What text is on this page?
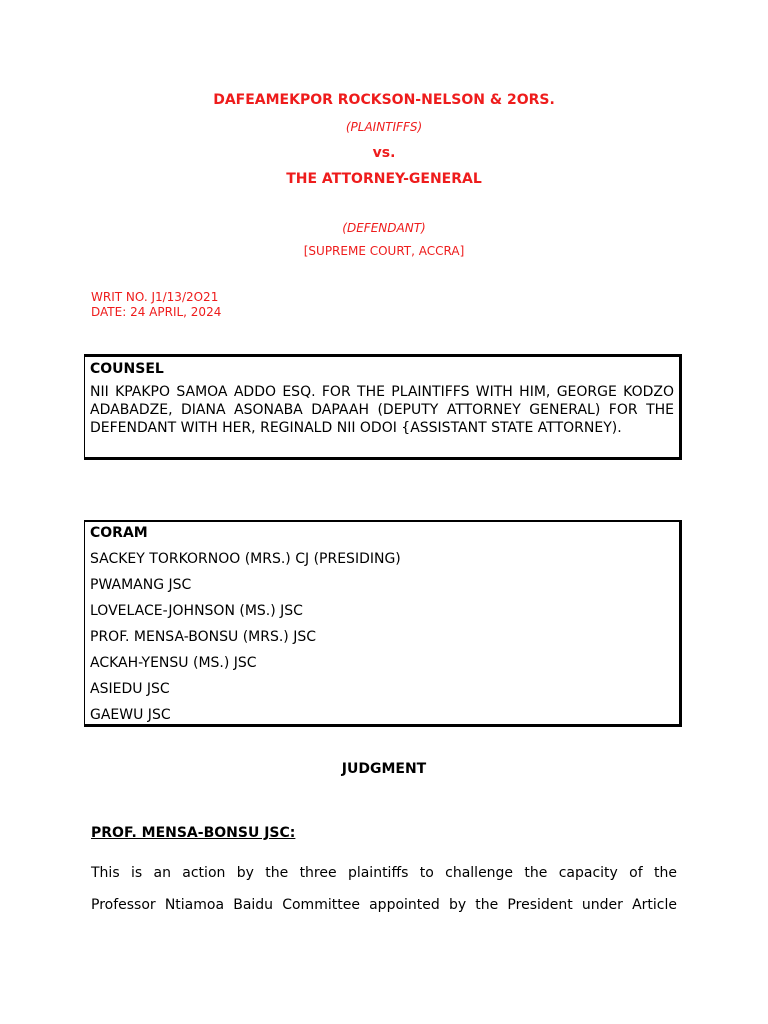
DAFEAMEKPOR ROCKSON-NELSON & 2ORS.
(PLAINTIFFS)
vs.
THE ATTORNEY-GENERAL
(DEFENDANT)
[SUPREME COURT, ACCRA]
WRIT NO. J1/13/2O21
DATE: 24 APRIL, 2024
COUNSEL
NII KPAKPO SAMOA ADDO ESQ. FOR THE PLAINTIFFS WITH HIM, GEORGE KODZO ADABADZE, DIANA ASONABA DAPAAH (DEPUTY ATTORNEY GENERAL) FOR THE DEFENDANT WITH HER, REGINALD NII ODOI {ASSISTANT STATE ATTORNEY).
CORAM
SACKEY TORKORNOO (MRS.) CJ (PRESIDING)
PWAMANG JSC
LOVELACE-JOHNSON (MS.) JSC
PROF. MENSA-BONSU (MRS.) JSC
ACKAH-YENSU (MS.) JSC
ASIEDU JSC
GAEWU JSC
JUDGMENT
PROF. MENSA-BONSU JSC:
This is an action by the three plaintiffs to challenge the capacity of the
Professor Ntiamoa Baidu Committee appointed by the President under Article
